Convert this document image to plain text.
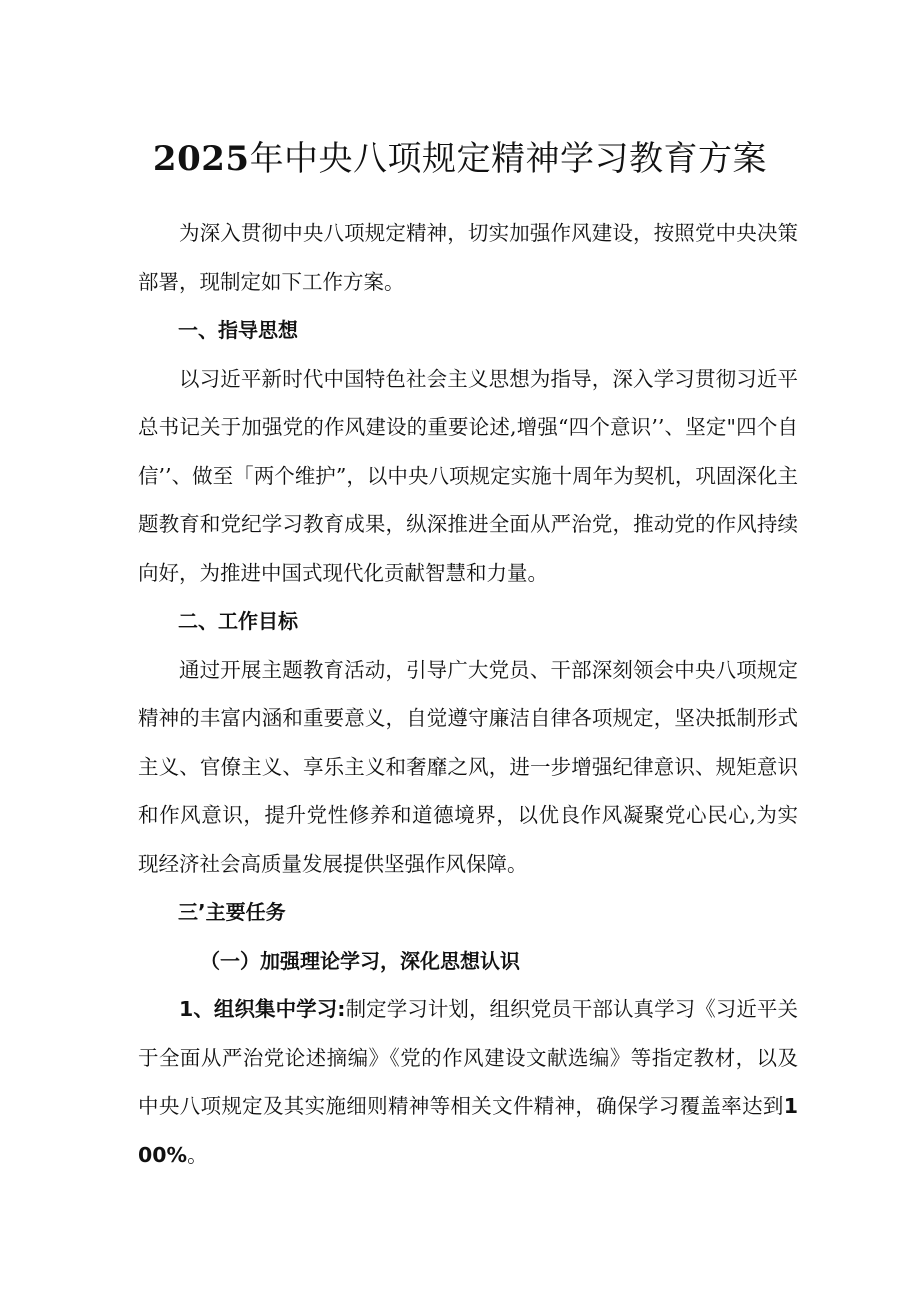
2025年中央八项规定精神学习教育方案

为深入贯彻中央八项规定精神，切实加强作风建设，按照党中央决策部署，现制定如下工作方案。

一、指导思想

以习近平新时代中国特色社会主义思想为指导，深入学习贯彻习近平总书记关于加强党的作风建设的重要论述,增强“四个意识’’、坚定"四个自信’’、做至「两个维护”，以中央八项规定实施十周年为契机，巩固深化主题教育和党纪学习教育成果，纵深推进全面从严治党，推动党的作风持续向好，为推进中国式现代化贡献智慧和力量。

二、工作目标

通过开展主题教育活动，引导广大党员、干部深刻领会中央八项规定精神的丰富内涵和重要意义，自觉遵守廉洁自律各项规定，坚决抵制形式主义、官僚主义、享乐主义和奢靡之风，进一步增强纪律意识、规矩意识和作风意识，提升党性修养和道德境界，以优良作风凝聚党心民心,为实现经济社会高质量发展提供坚强作风保障。

三’主要任务

（一）加强理论学习，深化思想认识

1、组织集中学习:制定学习计划，组织党员干部认真学习《习近平关于全面从严治党论述摘编》《党的作风建设文献选编》等指定教材，以及中央八项规定及其实施细则精神等相关文件精神，确保学习覆盖率达到100%。
